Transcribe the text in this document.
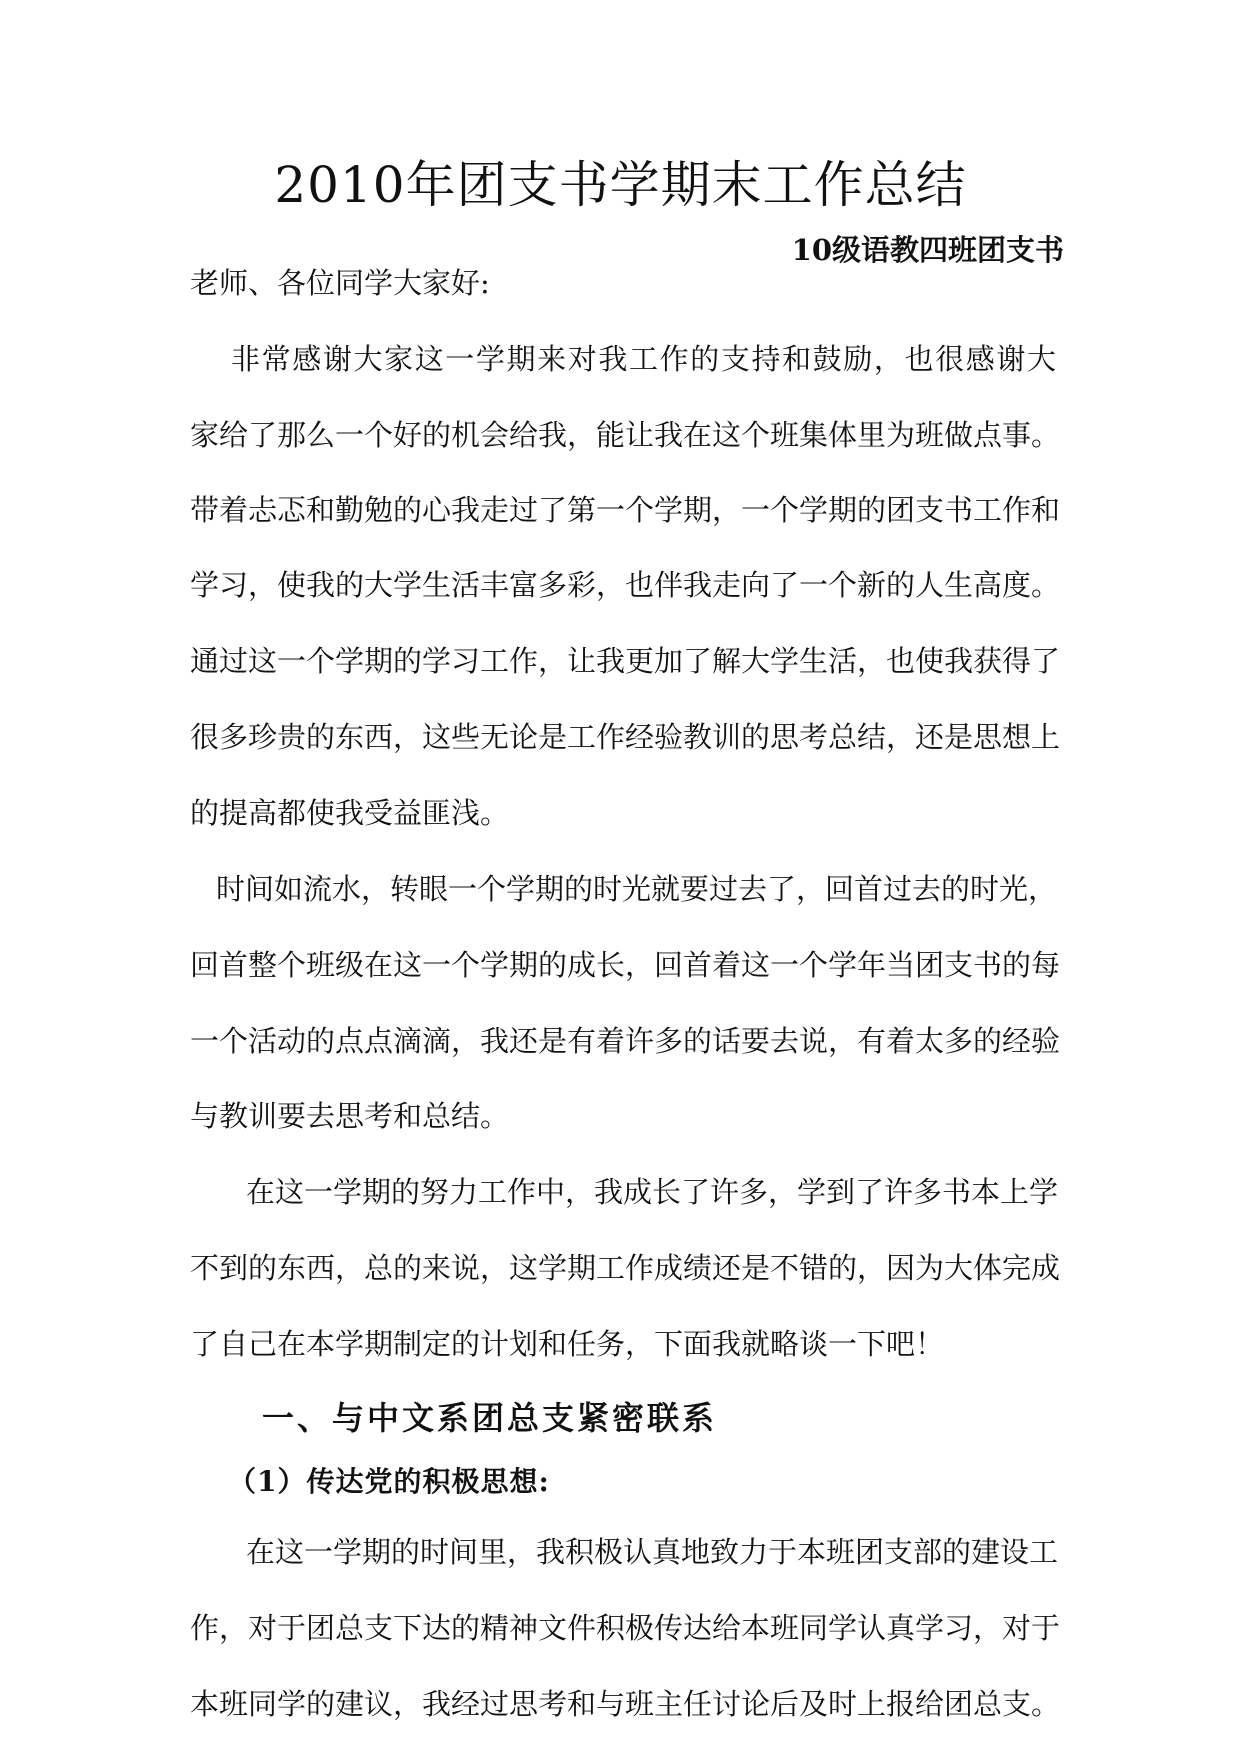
2010年团支书学期末工作总结
10级语教四班团支书
老师、各位同学大家好:
非常感谢大家这一学期来对我工作的支持和鼓励，也很感谢大
家给了那么一个好的机会给我，能让我在这个班集体里为班做点事。
带着忐忑和勤勉的心我走过了第一个学期，一个学期的团支书工作和
学习，使我的大学生活丰富多彩，也伴我走向了一个新的人生高度。
通过这一个学期的学习工作，让我更加了解大学生活，也使我获得了
很多珍贵的东西，这些无论是工作经验教训的思考总结，还是思想上
的提高都使我受益匪浅。
时间如流水，转眼一个学期的时光就要过去了，回首过去的时光，
回首整个班级在这一个学期的成长，回首着这一个学年当团支书的每
一个活动的点点滴滴，我还是有着许多的话要去说，有着太多的经验
与教训要去思考和总结。
在这一学期的努力工作中，我成长了许多，学到了许多书本上学
不到的东西，总的来说，这学期工作成绩还是不错的，因为大体完成
了自己在本学期制定的计划和任务，下面我就略谈一下吧！
一、与中文系团总支紧密联系
（1）传达党的积极思想:
在这一学期的时间里，我积极认真地致力于本班团支部的建设工
作，对于团总支下达的精神文件积极传达给本班同学认真学习，对于
本班同学的建议，我经过思考和与班主任讨论后及时上报给团总支。
